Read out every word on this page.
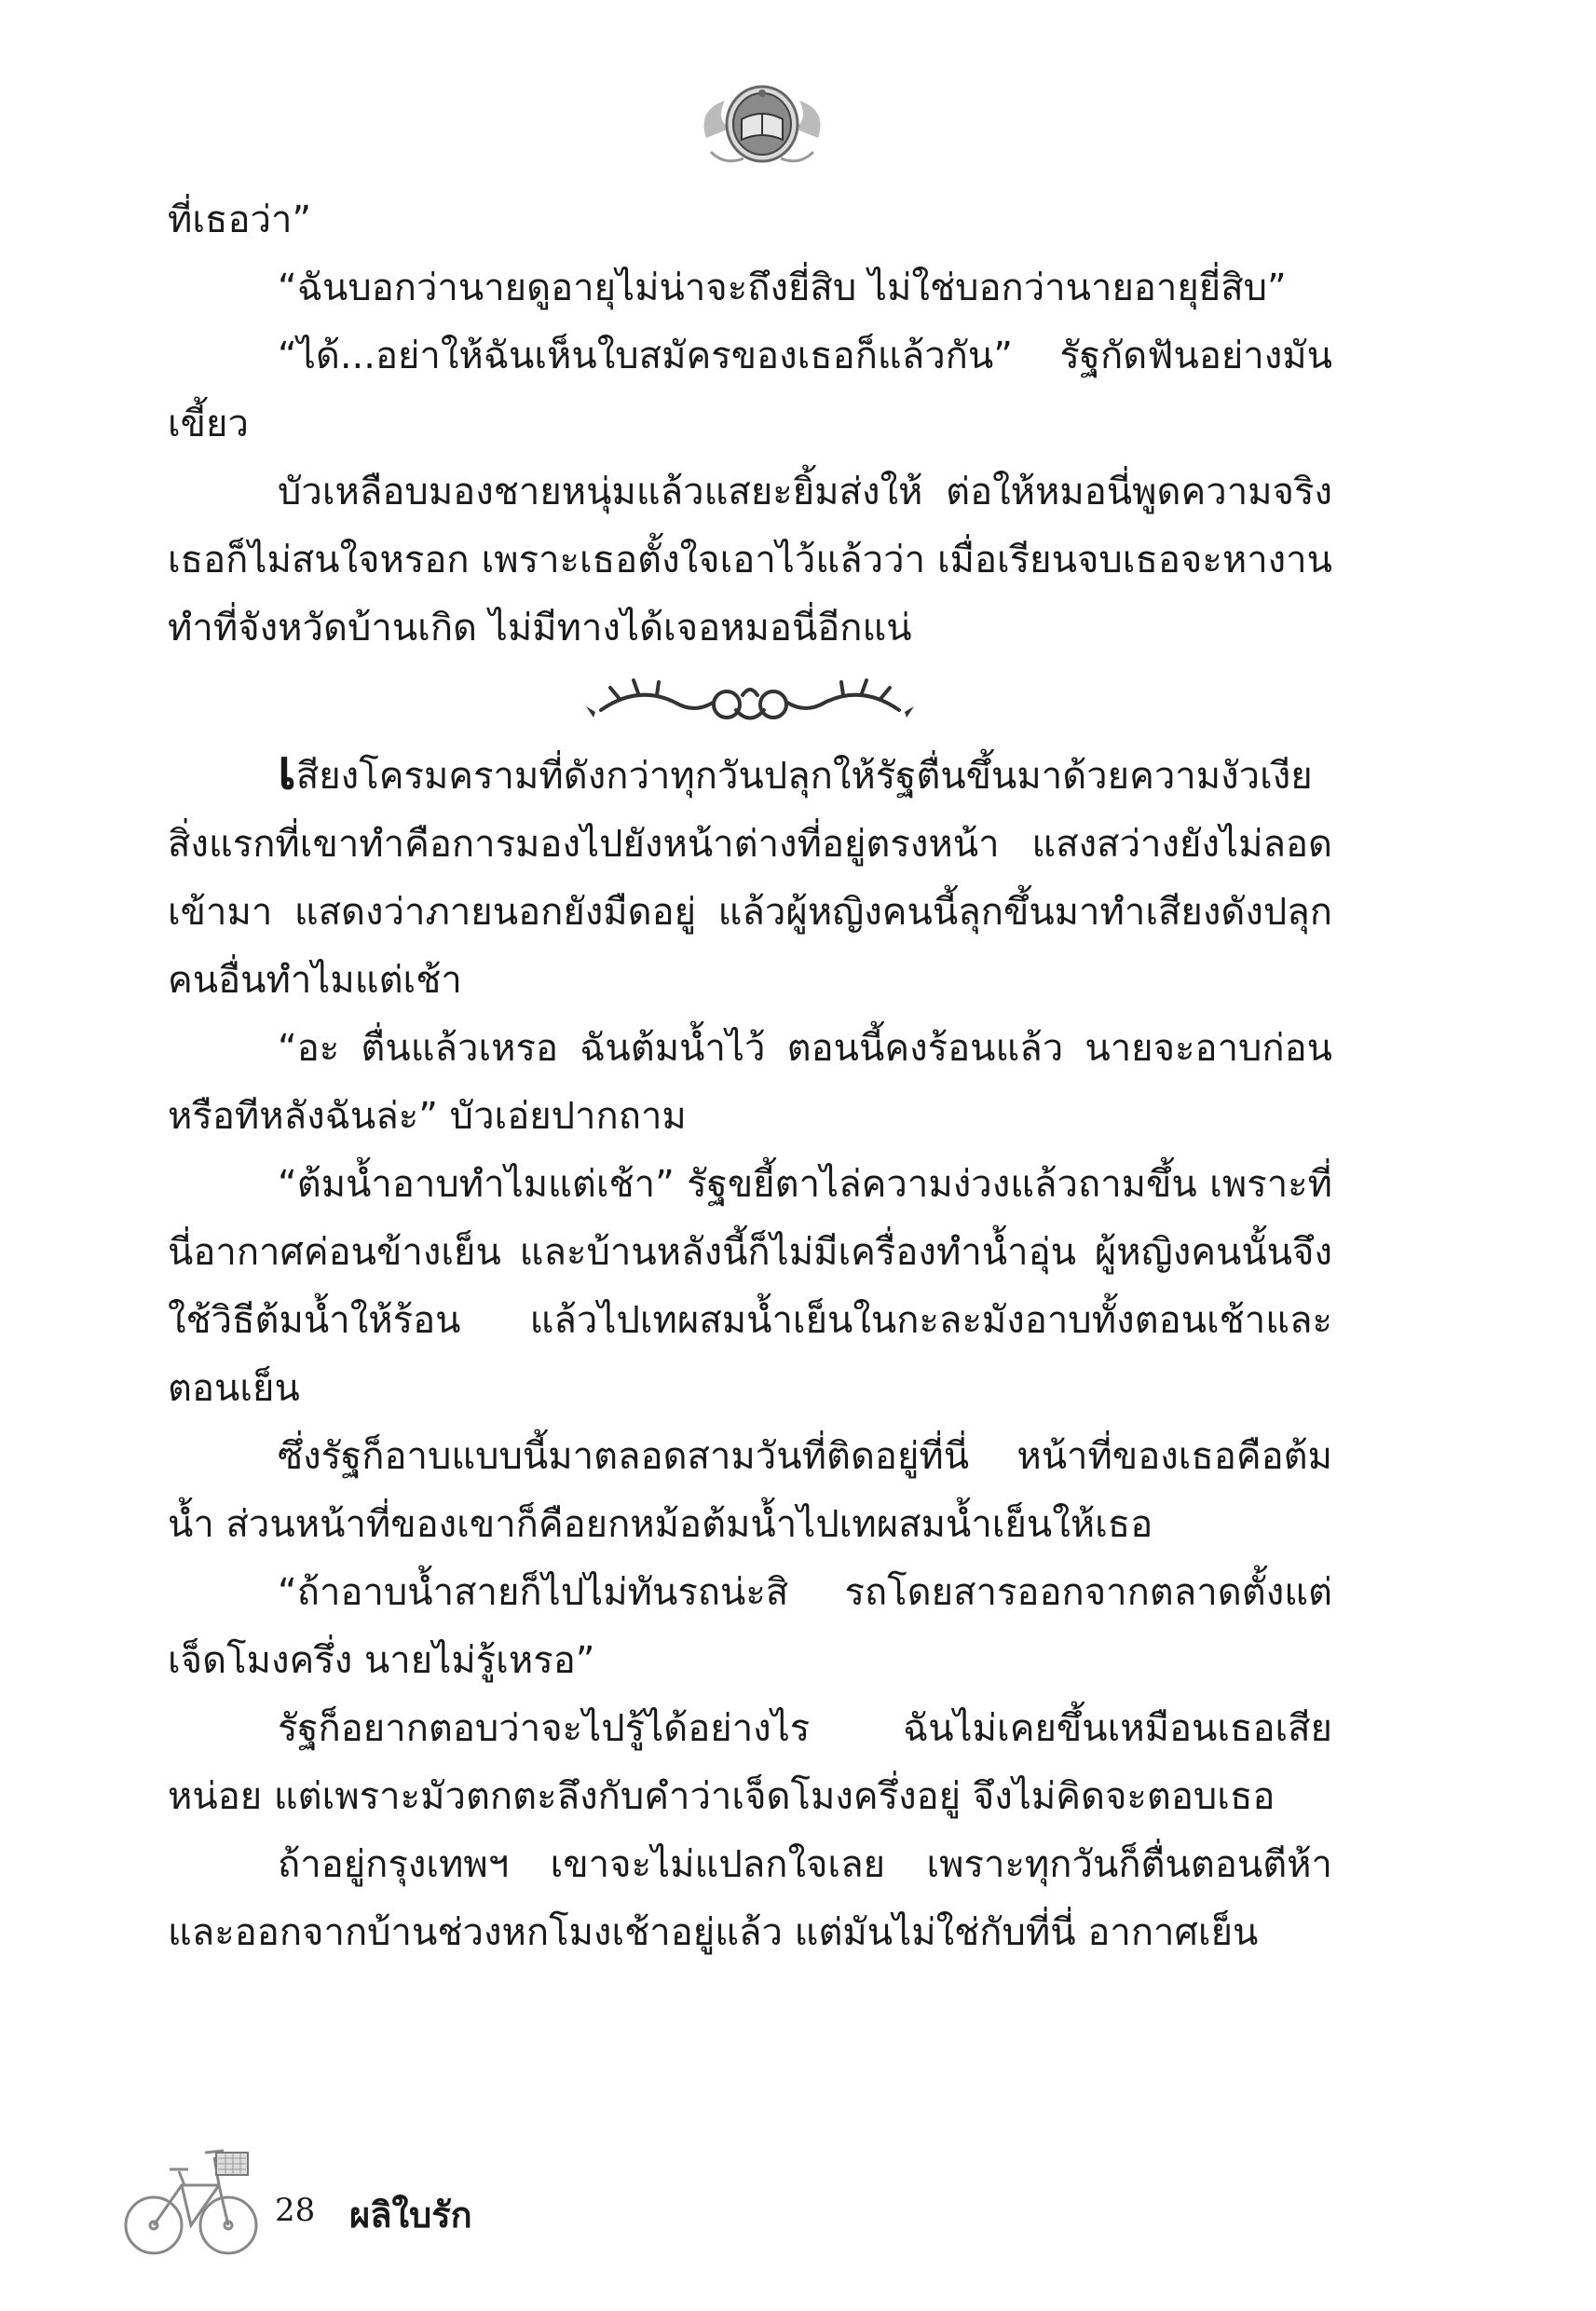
ที่เธอว่า”

“ฉันบอกว่านายดูอายุไม่น่าจะถึงยี่สิบ ไม่ใช่บอกว่านายอายุยี่สิบ”

“ได้...อย่าให้ฉันเห็นใบสมัครของเธอก็แล้วกัน” รัฐกัดฟันอย่างมันเขี้ยว

บัวเหลือบมองชายหนุ่มแล้วแสยะยิ้มส่งให้ ต่อให้หมอนี่พูดความจริงเธอก็ไม่สนใจหรอก เพราะเธอตั้งใจเอาไว้แล้วว่า เมื่อเรียนจบเธอจะหางานทำที่จังหวัดบ้านเกิด ไม่มีทางได้เจอหมอนี่อีกแน่

เสียงโครมครามที่ดังกว่าทุกวันปลุกให้รัฐตื่นขึ้นมาด้วยความงัวเงีย สิ่งแรกที่เขาทำคือการมองไปยังหน้าต่างที่อยู่ตรงหน้า แสงสว่างยังไม่ลอดเข้ามา แสดงว่าภายนอกยังมืดอยู่ แล้วผู้หญิงคนนี้ลุกขึ้นมาทำเสียงดังปลุกคนอื่นทำไมแต่เช้า

“อะ ตื่นแล้วเหรอ ฉันต้มน้ำไว้ ตอนนี้คงร้อนแล้ว นายจะอาบก่อนหรือทีหลังฉันล่ะ” บัวเอ่ยปากถาม

“ต้มน้ำอาบทำไมแต่เช้า” รัฐขยี้ตาไล่ความง่วงแล้วถามขึ้น เพราะที่นี่อากาศค่อนข้างเย็น และบ้านหลังนี้ก็ไม่มีเครื่องทำน้ำอุ่น ผู้หญิงคนนั้นจึงใช้วิธีต้มน้ำให้ร้อน แล้วไปเทผสมน้ำเย็นในกะละมังอาบทั้งตอนเช้าและตอนเย็น

ซึ่งรัฐก็อาบแบบนี้มาตลอดสามวันที่ติดอยู่ที่นี่ หน้าที่ของเธอคือต้มน้ำ ส่วนหน้าที่ของเขาก็คือยกหม้อต้มน้ำไปเทผสมน้ำเย็นให้เธอ

“ถ้าอาบน้ำสายก็ไปไม่ทันรถน่ะสิ รถโดยสารออกจากตลาดตั้งแต่เจ็ดโมงครึ่ง นายไม่รู้เหรอ”

รัฐก็อยากตอบว่าจะไปรู้ได้อย่างไร ฉันไม่เคยขึ้นเหมือนเธอเสียหน่อย แต่เพราะมัวตกตะลึงกับคำว่าเจ็ดโมงครึ่งอยู่ จึงไม่คิดจะตอบเธอ

ถ้าอยู่กรุงเทพฯ เขาจะไม่แปลกใจเลย เพราะทุกวันก็ตื่นตอนตีห้า และออกจากบ้านช่วงหกโมงเช้าอยู่แล้ว แต่มันไม่ใช่กับที่นี่ อากาศเย็น

28 ผลิใบรัก
